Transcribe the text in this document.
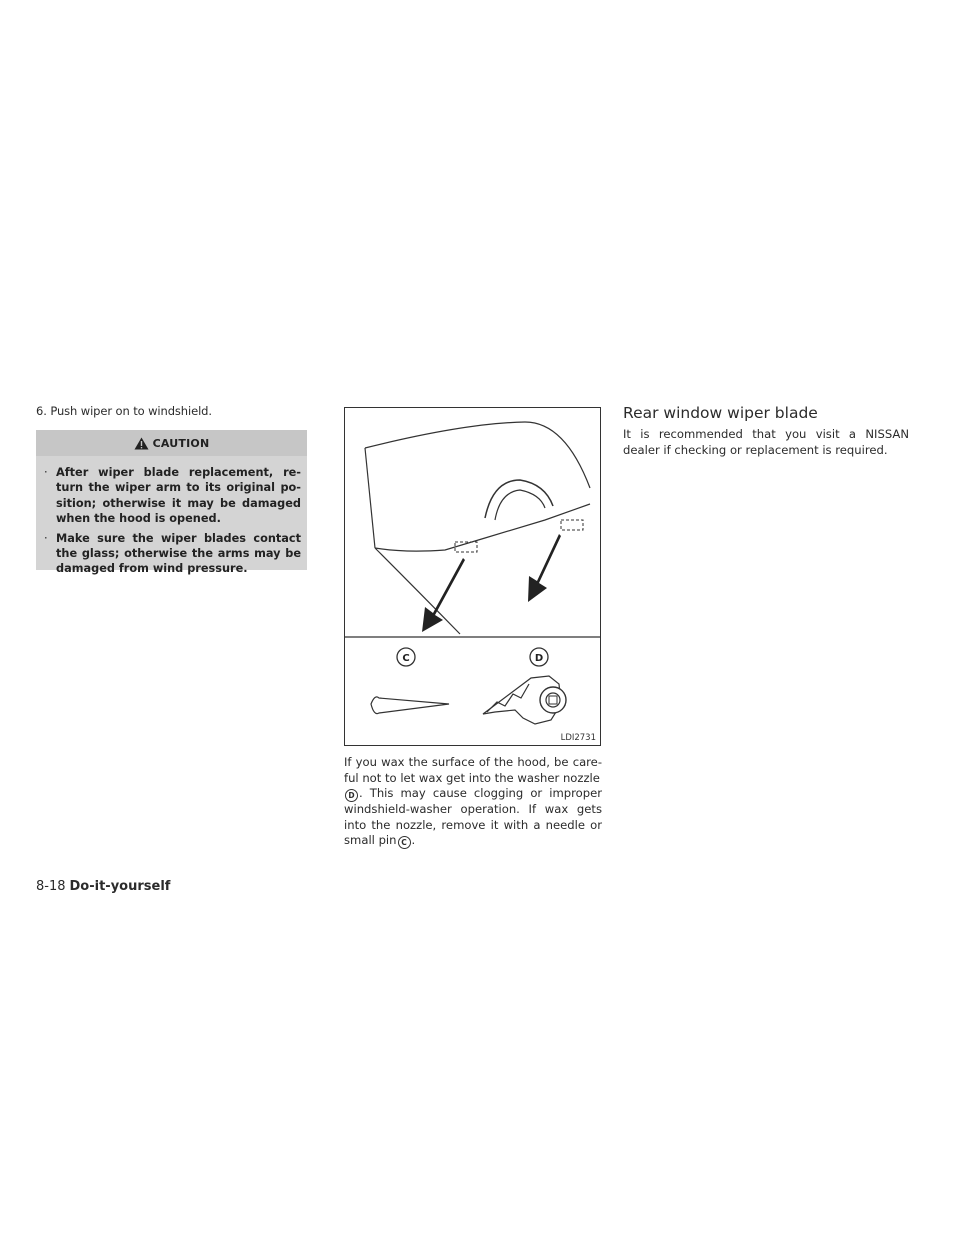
6. Push wiper on to windshield.
CAUTION
· After wiper blade replacement, re-turn the wiper arm to its original po-sition; otherwise it may be damaged when the hood is opened.
· Make sure the wiper blades contact the glass; otherwise the arms may be damaged from wind pressure.
C	D
LDI2731
If you wax the surface of the hood, be care-ful not to let wax get into the washer nozzle
D . This may cause clogging or improper windshield-washer operation. If wax gets into the nozzle, remove it with a needle or small pin C .
Rear window wiper blade
It is recommended that you visit a NISSAN dealer if checking or replacement is required.
8-18 Do-it-yourself
